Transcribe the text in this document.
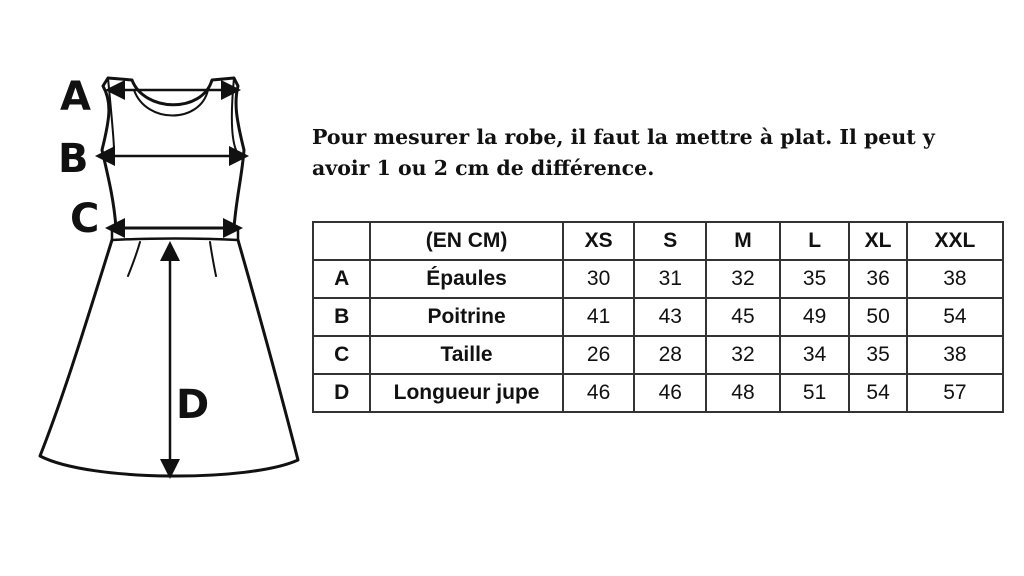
A
B
C
D

Pour mesurer la robe, il faut la mettre à plat. Il peut y avoir 1 ou 2 cm de différence.

	(EN CM)	XS	S	M	L	XL	XXL
A	Épaules	30	31	32	35	36	38
B	Poitrine	41	43	45	49	50	54
C	Taille	26	28	32	34	35	38
D	Longueur jupe	46	46	48	51	54	57
